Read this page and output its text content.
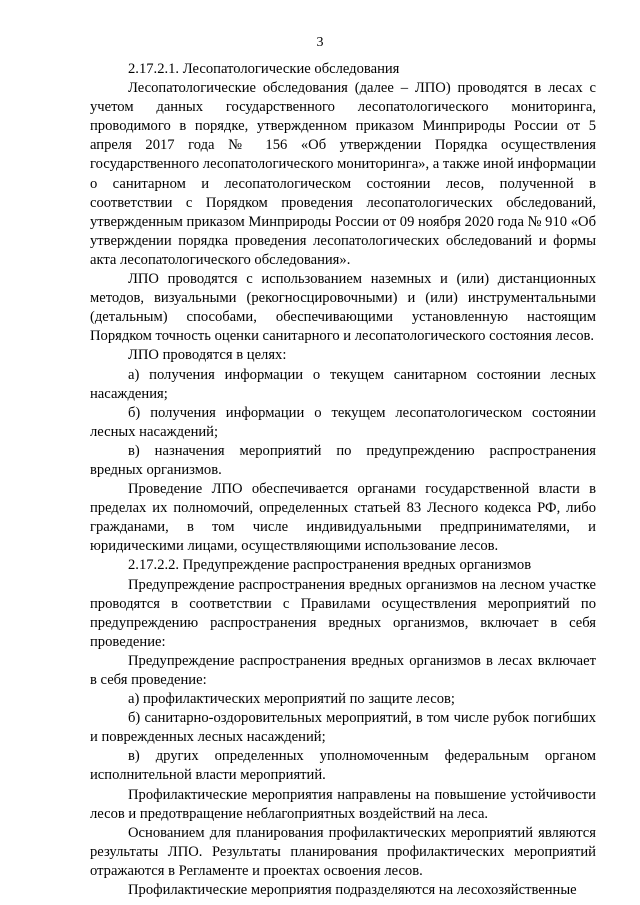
3

2.17.2.1. Лесопатологические обследования

Лесопатологические обследования (далее – ЛПО) проводятся в лесах с учетом данных государственного лесопатологического мониторинга, проводимого в порядке, утвержденном приказом Минприроды России от 5 апреля 2017 года № 156 «Об утверждении Порядка осуществления государственного лесопатологического мониторинга», а также иной информации о санитарном и лесопатологическом состоянии лесов, полученной в соответствии с Порядком проведения лесопатологических обследований, утвержденным приказом Минприроды России от 09 ноября 2020 года № 910 «Об утверждении порядка проведения лесопатологических обследований и формы акта лесопатологического обследования».

ЛПО проводятся с использованием наземных и (или) дистанционных методов, визуальными (рекогносцировочными) и (или) инструментальными (детальным) способами, обеспечивающими установленную настоящим Порядком точность оценки санитарного и лесопатологического состояния лесов.

ЛПО проводятся в целях:

а) получения информации о текущем санитарном состоянии лесных насаждения;

б) получения информации о текущем лесопатологическом состоянии лесных насаждений;

в) назначения мероприятий по предупреждению распространения вредных организмов.

Проведение ЛПО обеспечивается органами государственной власти в пределах их полномочий, определенных статьей 83 Лесного кодекса РФ, либо гражданами, в том числе индивидуальными предпринимателями, и юридическими лицами, осуществляющими использование лесов.

2.17.2.2. Предупреждение распространения вредных организмов

Предупреждение распространения вредных организмов на лесном участке проводятся в соответствии с Правилами осуществления мероприятий по предупреждению распространения вредных организмов, включает в себя проведение:

Предупреждение распространения вредных организмов в лесах включает в себя проведение:

а) профилактических мероприятий по защите лесов;

б) санитарно-оздоровительных мероприятий, в том числе рубок погибших и поврежденных лесных насаждений;

в) других определенных уполномоченным федеральным органом исполнительной власти мероприятий.

Профилактические мероприятия направлены на повышение устойчивости лесов и предотвращение неблагоприятных воздействий на леса.

Основанием для планирования профилактических мероприятий являются результаты ЛПО. Результаты планирования профилактических мероприятий отражаются в Регламенте и проектах освоения лесов.

Профилактические мероприятия подразделяются на лесохозяйственные
